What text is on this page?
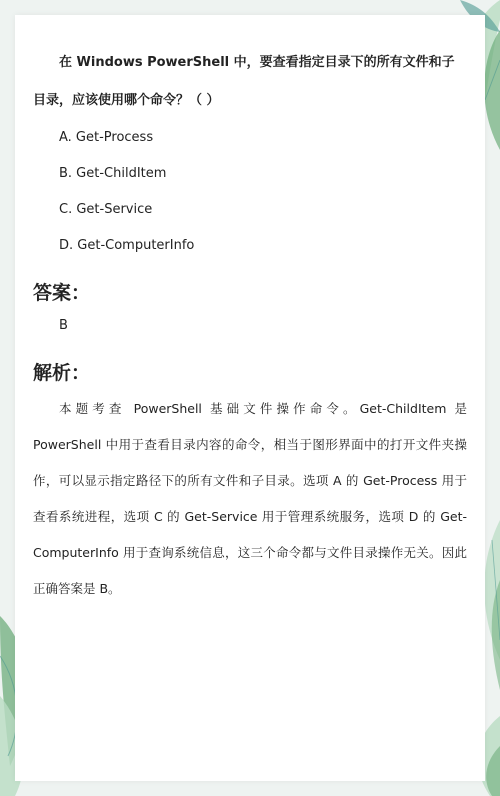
在 Windows PowerShell 中，要查看指定目录下的所有文件和子目录，应该使用哪个命令？（ ）

A. Get-Process
B. Get-ChildItem
C. Get-Service
D. Get-ComputerInfo
答案：

B

解析：

本题考查 PowerShell 基础文件操作命令。Get-ChildItem 是 PowerShell 中用于查看目录内容的命令，相当于图形界面中的打开文件夹操作，可以显示指定路径下的所有文件和子目录。选项 A 的 Get-Process 用于查看系统进程，选项 C 的 Get-Service 用于管理系统服务，选项 D 的 Get-ComputerInfo 用于查询系统信息，这三个命令都与文件目录操作无关。因此正确答案是 B。
